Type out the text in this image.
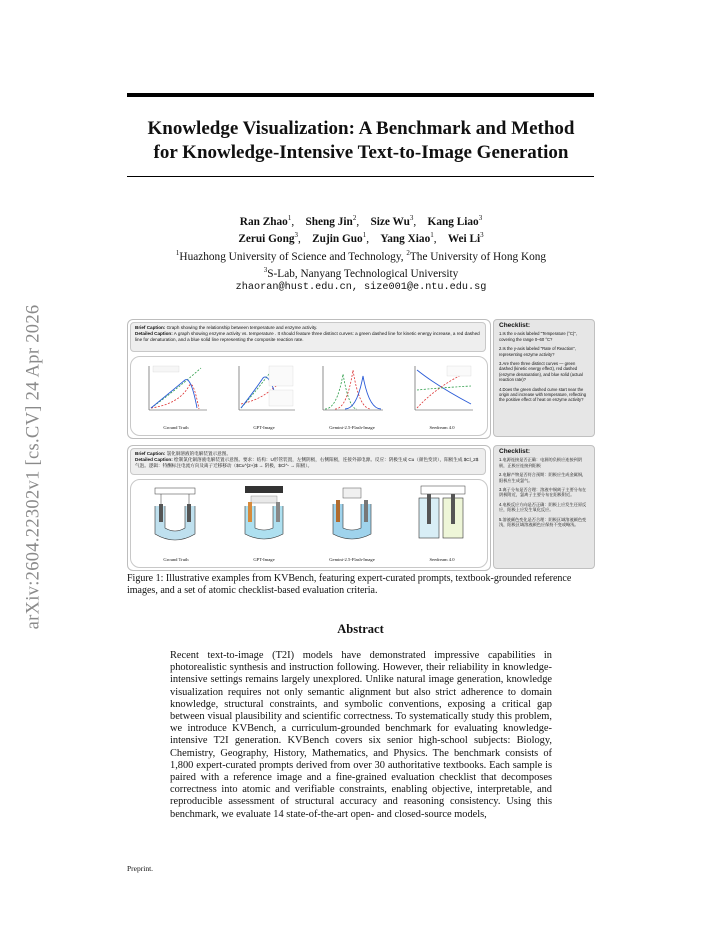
arXiv:2604.22302v1 [cs.CV] 24 Apr 2026
Knowledge Visualization: A Benchmark and Method
for Knowledge-Intensive Text-to-Image Generation
Ran Zhao$^1$,    Sheng Jin$^2$,    Size Wu$^3$,    Kang Liao$^3$
Zerui Gong$^3$,    Zujin Guo$^1$,    Yang Xiao$^1$,    Wei Li$^3$
$^1$Huazhong University of Science and Technology, $^2$The University of Hong Kong
$^3$S-Lab, Nanyang Technological University
zhaoran@hust.edu.cn, size001@e.ntu.edu.sg
Brief Caption: Graph showing the relationship between temperature and enzyme activity.
Detailed Caption: A graph showing enzyme activity vs. temperature . It should feature three distinct curves: a green dashed line for kinetic energy increase, a red dashed line for denaturation, and a blue solid line representing the composite reaction rate.
Ground Truth	GPT-Image	Gemini-2.5-Flash-Image	Seedream 4.0
Checklist:
1.Is the x-axis labeled "Temperature (°C)", covering the range 0–60 °C?
2.Is the y-axis labeled "Rate of Reaction", representing enzyme activity?
3.Are there three distinct curves — green dashed (kinetic energy effect), red dashed (enzyme denaturation), and blue solid (actual reaction rate)?
4.Does the green dashed curve start near the origin and increase with temperature, reflecting the positive effect of heat on enzyme activity?
Brief Caption: 氯化铜溶液的电解装置示意图。
Detailed Caption: 绘制氯化铜溶液电解装置示意图。要求：结构：U形管装置，左侧阴极，右侧阳极，连接外部电源。反应：阴极生成 Cu（颜色变淡），阳极生成 $Cl_2$ 气泡。逻辑：特酬标注电流方向及离子迁移移动（$Cu^{2+}$ → 阴极，$Cl^- → 阳极）。
Ground Truth	GPT-Image	Gemini-2.5-Flash-Image	Seedream 4.0
Checklist:
1.电源连接是否正确：电源的负极应连接到阴极，正极应连接到阳极
2.电解产物是否符合预期：阴极应生成金属铜，阳极应生成氯气。
3.离子分布是否合理：溶液中铜离子主要分布在阴极附近，氯离子主要分布在阳极附近。
4.电极反应方向是否正确：阴极上应发生还原反应，阳极上应发生氧化反应。
5.溶液颜色变化是否合理：阴极区域溶液颜色变浅，阳极区域溶液颜色应保持不变或略浅。
Figure 1: Illustrative examples from KVBench, featuring expert-curated prompts, textbook-grounded reference images, and a set of atomic checklist-based evaluation criteria.
Abstract
Recent text-to-image (T2I) models have demonstrated impressive capabilities in photorealistic synthesis and instruction following. However, their reliability in knowledge-intensive settings remains largely unexplored. Unlike natural image generation, knowledge visualization requires not only semantic alignment but also strict adherence to domain knowledge, structural constraints, and symbolic conventions, exposing a critical gap between visual plausibility and scientific correctness. To systematically study this problem, we introduce KVBench, a curriculum-grounded benchmark for evaluating knowledge-intensive T2I generation. KVBench covers six senior high-school subjects: Biology, Chemistry, Geography, History, Mathematics, and Physics. The benchmark consists of 1,800 expert-curated prompts derived from over 30 authoritative textbooks. Each sample is paired with a reference image and a fine-grained evaluation checklist that decomposes correctness into atomic and verifiable constraints, enabling objective, interpretable, and reproducible assessment of structural accuracy and reasoning consistency. Using this benchmark, we evaluate 14 state-of-the-art open- and closed-source models,
Preprint.
